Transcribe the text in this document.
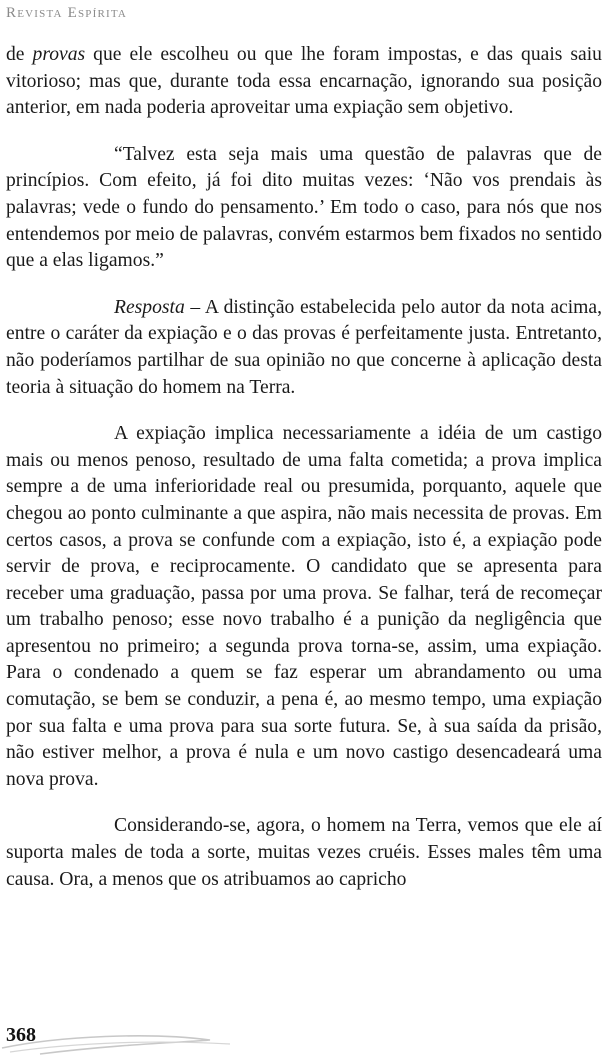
Revista Espírita

de provas que ele escolheu ou que lhe foram impostas, e das quais saiu vitorioso; mas que, durante toda essa encarnação, ignorando sua posição anterior, em nada poderia aproveitar uma expiação sem objetivo.

“Talvez esta seja mais uma questão de palavras que de princípios. Com efeito, já foi dito muitas vezes: ‘Não vos prendais às palavras; vede o fundo do pensamento.’ Em todo o caso, para nós que nos entendemos por meio de palavras, convém estarmos bem fixados no sentido que a elas ligamos.”

Resposta – A distinção estabelecida pelo autor da nota acima, entre o caráter da expiação e o das provas é perfeitamente justa. Entretanto, não poderíamos partilhar de sua opinião no que concerne à aplicação desta teoria à situação do homem na Terra.

A expiação implica necessariamente a idéia de um castigo mais ou menos penoso, resultado de uma falta cometida; a prova implica sempre a de uma inferioridade real ou presumida, porquanto, aquele que chegou ao ponto culminante a que aspira, não mais necessita de provas. Em certos casos, a prova se confunde com a expiação, isto é, a expiação pode servir de prova, e reciprocamente. O candidato que se apresenta para receber uma graduação, passa por uma prova. Se falhar, terá de recomeçar um trabalho penoso; esse novo trabalho é a punição da negligência que apresentou no primeiro; a segunda prova torna-se, assim, uma expiação. Para o condenado a quem se faz esperar um abrandamento ou uma comutação, se bem se conduzir, a pena é, ao mesmo tempo, uma expiação por sua falta e uma prova para sua sorte futura. Se, à sua saída da prisão, não estiver melhor, a prova é nula e um novo castigo desencadeará uma nova prova.

Considerando-se, agora, o homem na Terra, vemos que ele aí suporta males de toda a sorte, muitas vezes cruéis. Esses males têm uma causa. Ora, a menos que os atribuamos ao capricho

368
